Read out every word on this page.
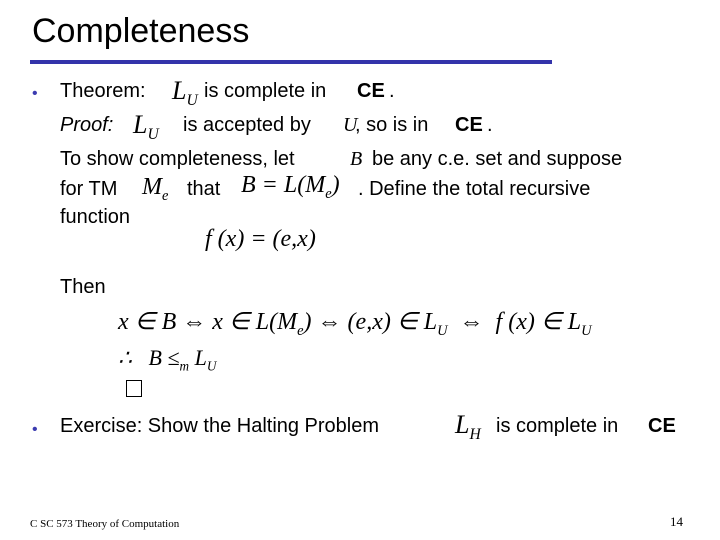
Completeness
• Theorem: $L_U$ is complete in CE .
Proof: $L_U$ is accepted by U
, so is in CE .
To show completeness, let	B be any c.e. set and suppose
for TM $M_e$ that $B = L(M_e)$ . Define the total recursive
function
f (x) = (e,x)
Then
x ∈ B ⇔ x ∈ $L(M_e)$ ⇔ (e,x) ∈ $L_U$  ⇔  f (x) ∈ $L_U$
∴   $B \le_m$ $L_U$
• Exercise: Show the Halting Problem	$L_H$ is complete in CE
C SC 573 Theory of Computation	14
